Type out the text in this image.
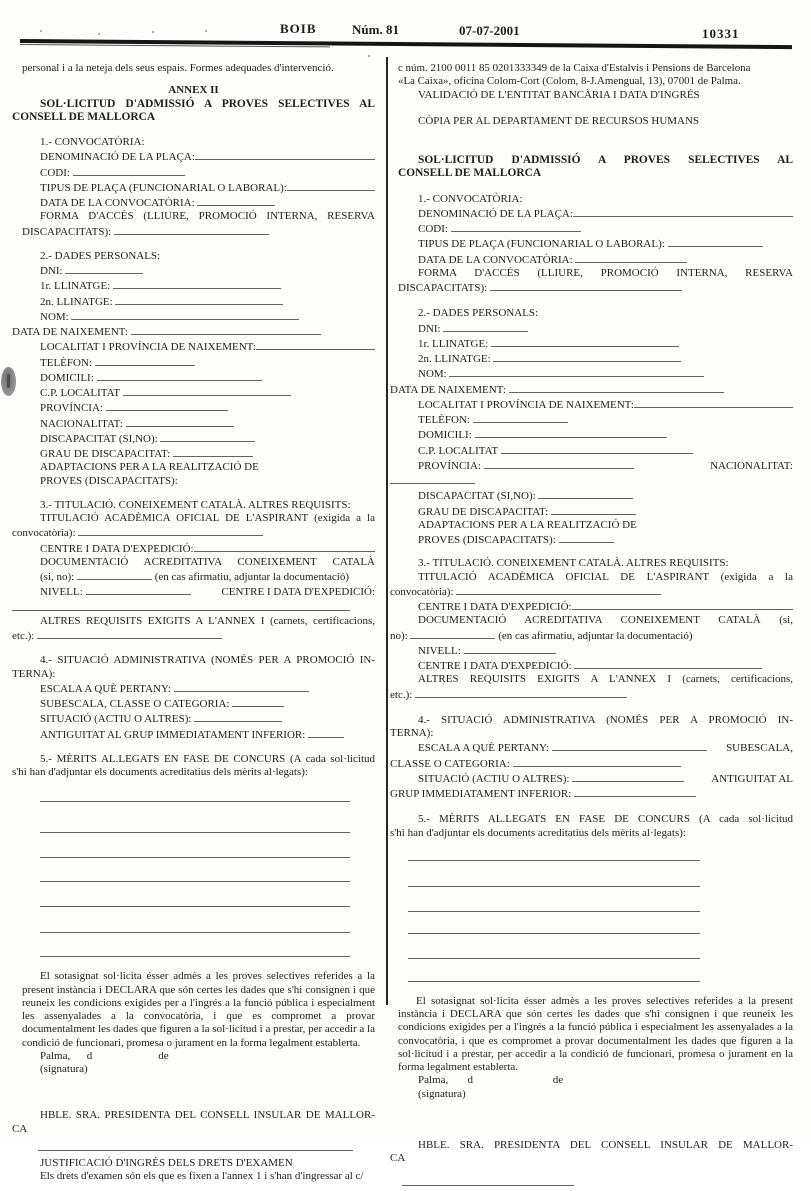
BOIB	Núm. 81	07-07-2001	10331
personal i a la neteja dels seus espais. Formes adequades d'intervenció.
ANNEX II
SOL·LICITUD D'ADMISSIÓ A PROVES SELECTIVES AL
CONSELL DE MALLORCA
1.- CONVOCATÒRIA:
DENOMINACIÓ DE LA PLAÇA:
CODI:
TIPUS DE PLAÇA (FUNCIONARIAL O LABORAL):
DATA DE LA CONVOCATÒRIA:
FORMA D'ACCÉS (LLIURE, PROMOCIÓ INTERNA, RESERVA
DISCAPACITATS):
2.- DADES PERSONALS:
DNI:
1r. LLINATGE:
2n. LLINATGE:
NOM:
DATA DE NAIXEMENT:
LOCALITAT I PROVÍNCIA DE NAIXEMENT:
TELÈFON:
DOMICILI:
C.P. LOCALITAT
PROVÍNCIA:
NACIONALITAT:
DISCAPACITAT (SI,NO):
GRAU DE DISCAPACITAT:
ADAPTACIONS PER A LA REALITZACIÓ DE
PROVES (DISCAPACITATS):
3.- TITULACIÓ. CONEIXEMENT CATALÀ. ALTRES REQUISITS:
TITULACIÓ ACADÈMICA OFICIAL DE L'ASPIRANT (exigida a la
convocatòria):
CENTRE I DATA D'EXPEDICIÓ:
DOCUMENTACIÓ ACREDITATIVA CONEIXEMENT CATALÀ
(si, no):	(en cas afirmatiu, adjuntar la documentació)
NIVELL:	CENTRE I DATA D'EXPEDICIÓ:
ALTRES REQUISITS EXIGITS A L'ANNEX I (carnets, certificacions,
etc.):
4.- SITUACIÓ ADMINISTRATIVA (NOMÉS PER A PROMOCIÓ IN-
TERNA):
ESCALA A QUÈ PERTANY:
SUBESCALA, CLASSE O CATEGORIA:
SITUACIÓ (ACTIU O ALTRES):
ANTIGUITAT AL GRUP IMMEDIATAMENT INFERIOR:
5.- MÈRITS AL.LEGATS EN FASE DE CONCURS (A cada sol·licitud
s'hi han d'adjuntar els documents acreditatius dels mèrits al·legats):
El sotasignat sol·licita ésser admès a les proves selectives referides a la present instància i DECLARA que són certes les dades que s'hi consignen i que reuneix les condicions exigides per a l'ingrés a la funció pública i especialment les assenyalades a la convocatòria, i que es compromet a provar documentalment les dades que figuren a la sol·licitud i a prestar, per accedir a la condició de funcionari, promesa o jurament en la forma legalment establerta.
Palma,      d                        de
(signatura)
HBLE. SRA. PRESIDENTA DEL CONSELL INSULAR DE MALLOR-
CA
JUSTIFICACIÓ D'INGRÉS DELS DRETS D'EXAMEN
Els drets d'examen són els que es fixen a l'annex 1 i s'han d'ingressar al c/
c núm. 2100 0011 85 0201333349 de la Caixa d'Estalvis i Pensions de Barcelona
«La Caixa», oficina Colom-Cort (Colom, 8-J.Amengual, 13), 07001 de Palma.
VALIDACIÓ DE L'ENTITAT BANCÀRIA I DATA D'INGRÉS
CÒPIA PER AL DEPARTAMENT DE RECURSOS HUMANS
SOL·LICITUD D'ADMISSIÓ A PROVES SELECTIVES AL
CONSELL DE MALLORCA
1.- CONVOCATÒRIA:
DENOMINACIÓ DE LA PLAÇA:
CODI:
TIPUS DE PLAÇA (FUNCIONARIAL O LABORAL):
DATA DE LA CONVOCATÒRIA:
FORMA D'ACCÉS (LLIURE, PROMOCIÓ INTERNA, RESERVA
DISCAPACITATS):
2.- DADES PERSONALS:
DNI:
1r. LLINATGE:
2n. LLINATGE:
NOM:
DATA DE NAIXEMENT:
LOCALITAT I PROVÍNCIA DE NAIXEMENT:
TELÈFON:
DOMICILI:
C.P. LOCALITAT
PROVÍNCIA:	NACIONALITAT:
DISCAPACITAT (SI,NO):
GRAU DE DISCAPACITAT:
ADAPTACIONS PER A LA REALITZACIÓ DE
PROVES (DISCAPACITATS):
3.- TITULACIÓ. CONEIXEMENT CATALÀ. ALTRES REQUISITS:
TITULACIÓ ACADÈMICA OFICIAL DE L'ASPIRANT (exigida a la
convocatòria):
CENTRE I DATA D'EXPEDICIÓ:
DOCUMENTACIÓ ACREDITATIVA CONEIXEMENT CATALÀ (si,
no):	(en cas afirmatiu, adjuntar la documentació)
NIVELL:
CENTRE I DATA D'EXPEDICIÓ:
ALTRES REQUISITS EXIGITS A L'ANNEX I (carnets, certificacions,
etc.):
4.- SITUACIÓ ADMINISTRATIVA (NOMÉS PER A PROMOCIÓ IN-
TERNA):
ESCALA A QUÈ PERTANY:	SUBESCALA,
CLASSE O CATEGORIA:
SITUACIÓ (ACTIU O ALTRES):	ANTIGUITAT AL
GRUP IMMEDIATAMENT INFERIOR:
5.- MÈRITS AL.LEGATS EN FASE DE CONCURS (A cada sol·licitud
s'hi han d'adjuntar els documents acreditatius dels mèrits al·legats):
El sotasignat sol·licita ésser admès a les proves selectives referides a la present instància i DECLARA que són certes les dades que s'hi consignen i que reuneix les condicions exigides per a l'ingrés a la funció pública i especialment les assenyalades a la convocatòria, i que es compromet a provar documentalment les dades que figuren a la sol·licitud i a prestar, per accedir a la condició de funcionari, promesa o jurament en la forma legalment establerta.
Palma,       d                             de
(signatura)
HBLE. SRA. PRESIDENTA DEL CONSELL INSULAR DE MALLOR-
CA
